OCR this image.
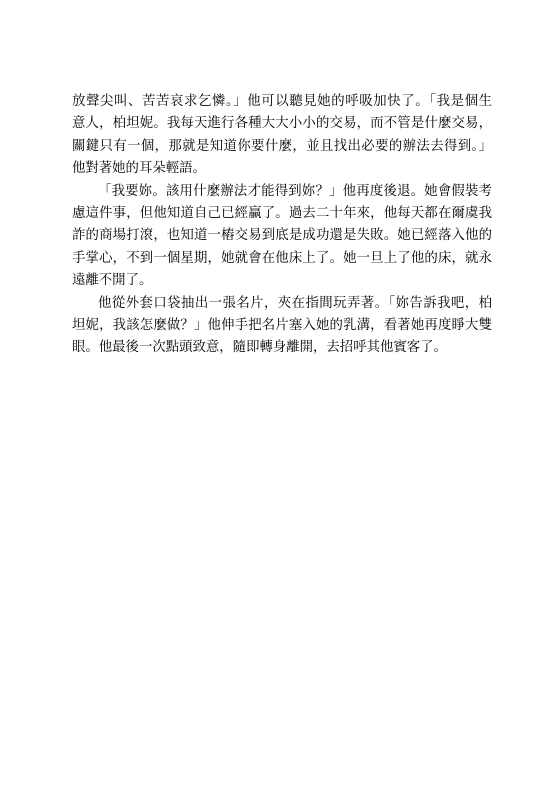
放聲尖叫、苦苦哀求乞憐。」他可以聽見她的呼吸加快了。「我是個生
意人，柏坦妮。我每天進行各種大大小小的交易，而不管是什麼交易，
關鍵只有一個，那就是知道你要什麼，並且找出必要的辦法去得到。」
他對著她的耳朵輕語。
「我要妳。該用什麼辦法才能得到妳？」他再度後退。她會假裝考
慮這件事，但他知道自己已經贏了。過去二十年來，他每天都在爾虞我
詐的商場打滾，也知道一樁交易到底是成功還是失敗。她已經落入他的
手掌心，不到一個星期，她就會在他床上了。她一旦上了他的床，就永
遠離不開了。
他從外套口袋抽出一張名片，夾在指間玩弄著。「妳告訴我吧，柏
坦妮，我該怎麼做？」他伸手把名片塞入她的乳溝，看著她再度睜大雙
眼。他最後一次點頭致意，隨即轉身離開，去招呼其他賓客了。
